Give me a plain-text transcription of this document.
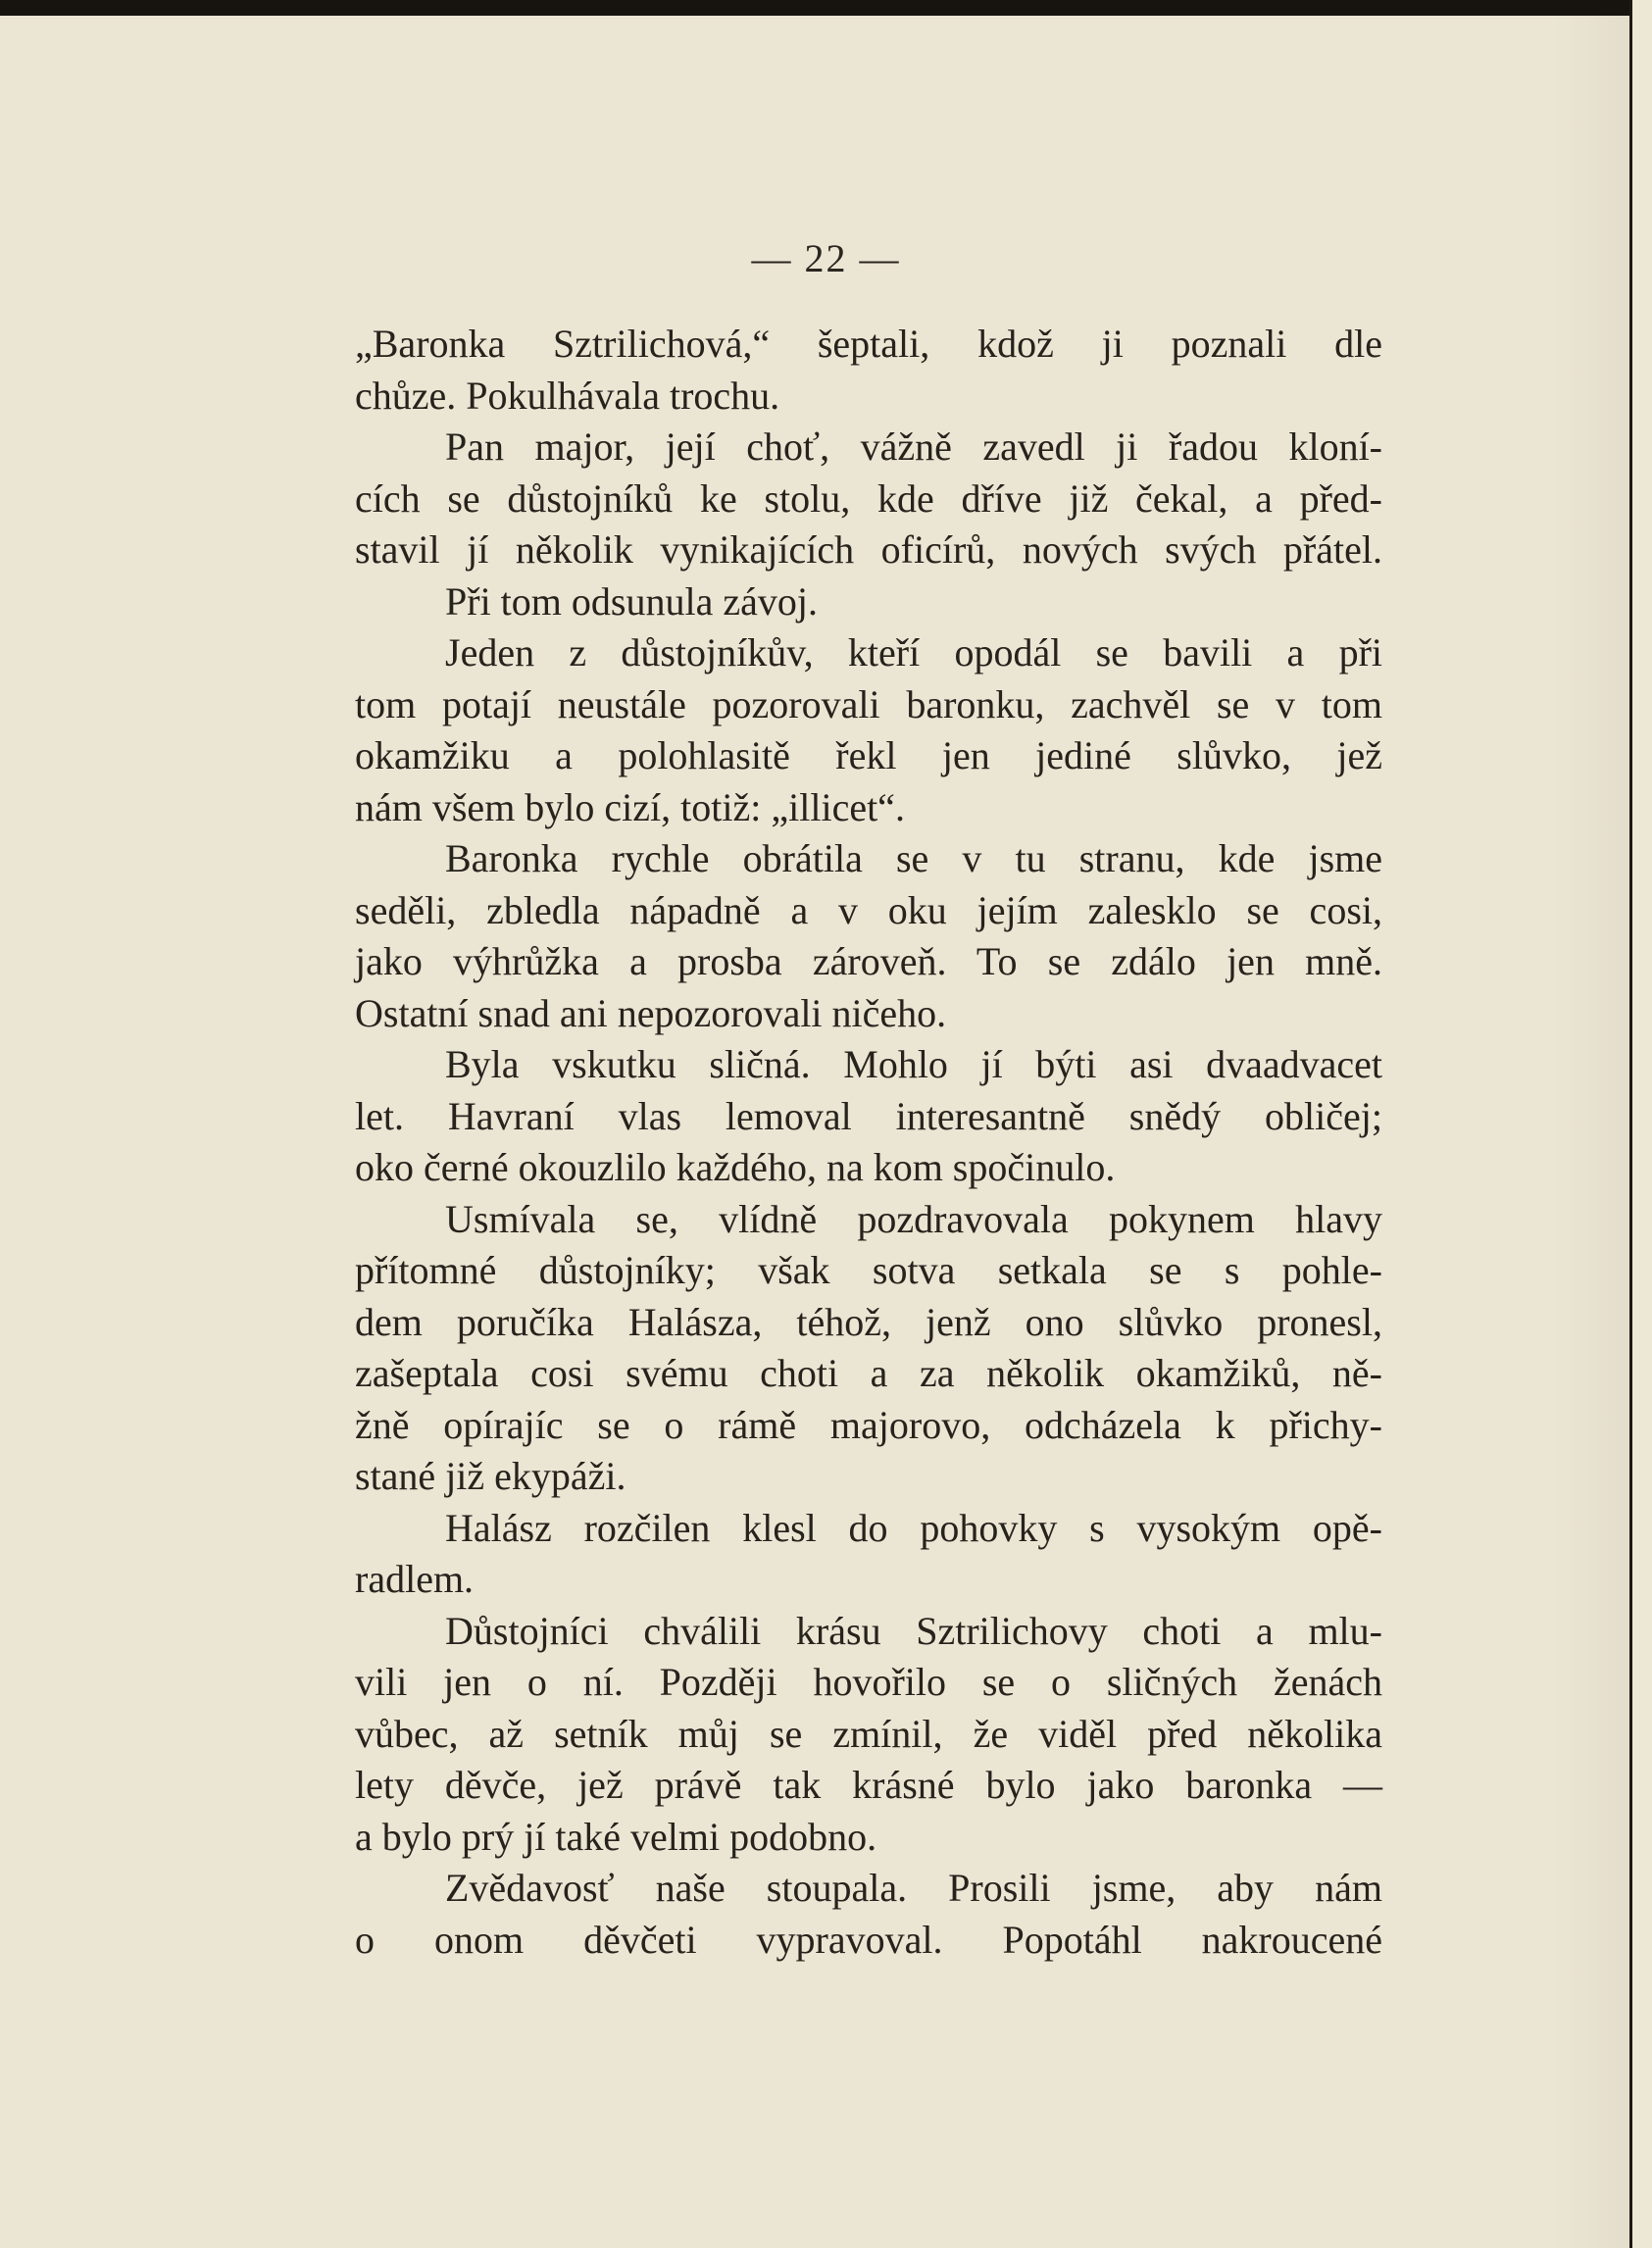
— 22 —
„Baronka Sztrilichová,“ šeptali, kdož ji poznali dle
chůze. Pokulhávala trochu.
Pan major, její choť, vážně zavedl ji řadou kloní-
cích se důstojníků ke stolu, kde dříve již čekal, a před-
stavil jí několik vynikajících oficírů, nových svých přátel.
Při tom odsunula závoj.
Jeden z důstojníkův, kteří opodál se bavili a při
tom potají neustále pozorovali baronku, zachvěl se v tom
okamžiku a polohlasitě řekl jen jediné slůvko, jež
nám všem bylo cizí, totiž: „illicet“.
Baronka rychle obrátila se v tu stranu, kde jsme
seděli, zbledla nápadně a v oku jejím zalesklo se cosi,
jako výhrůžka a prosba zároveň. To se zdálo jen mně.
Ostatní snad ani nepozorovali ničeho.
Byla vskutku sličná. Mohlo jí býti asi dvaadvacet
let. Havraní vlas lemoval interesantně snědý obličej;
oko černé okouzlilo každého, na kom spočinulo.
Usmívala se, vlídně pozdravovala pokynem hlavy
přítomné důstojníky; však sotva setkala se s pohle-
dem poručíka Halásza, téhož, jenž ono slůvko pronesl,
zašeptala cosi svému choti a za několik okamžiků, ně-
žně opírajíc se o rámě majorovo, odcházela k přichy-
stané již ekypáži.
Halász rozčilen klesl do pohovky s vysokým opě-
radlem.
Důstojníci chválili krásu Sztrilichovy choti a mlu-
vili jen o ní. Později hovořilo se o sličných ženách
vůbec, až setník můj se zmínil, že viděl před několika
lety děvče, jež právě tak krásné bylo jako baronka —
a bylo prý jí také velmi podobno.
Zvědavosť naše stoupala. Prosili jsme, aby nám
o onom děvčeti vypravoval. Popotáhl nakroucené
